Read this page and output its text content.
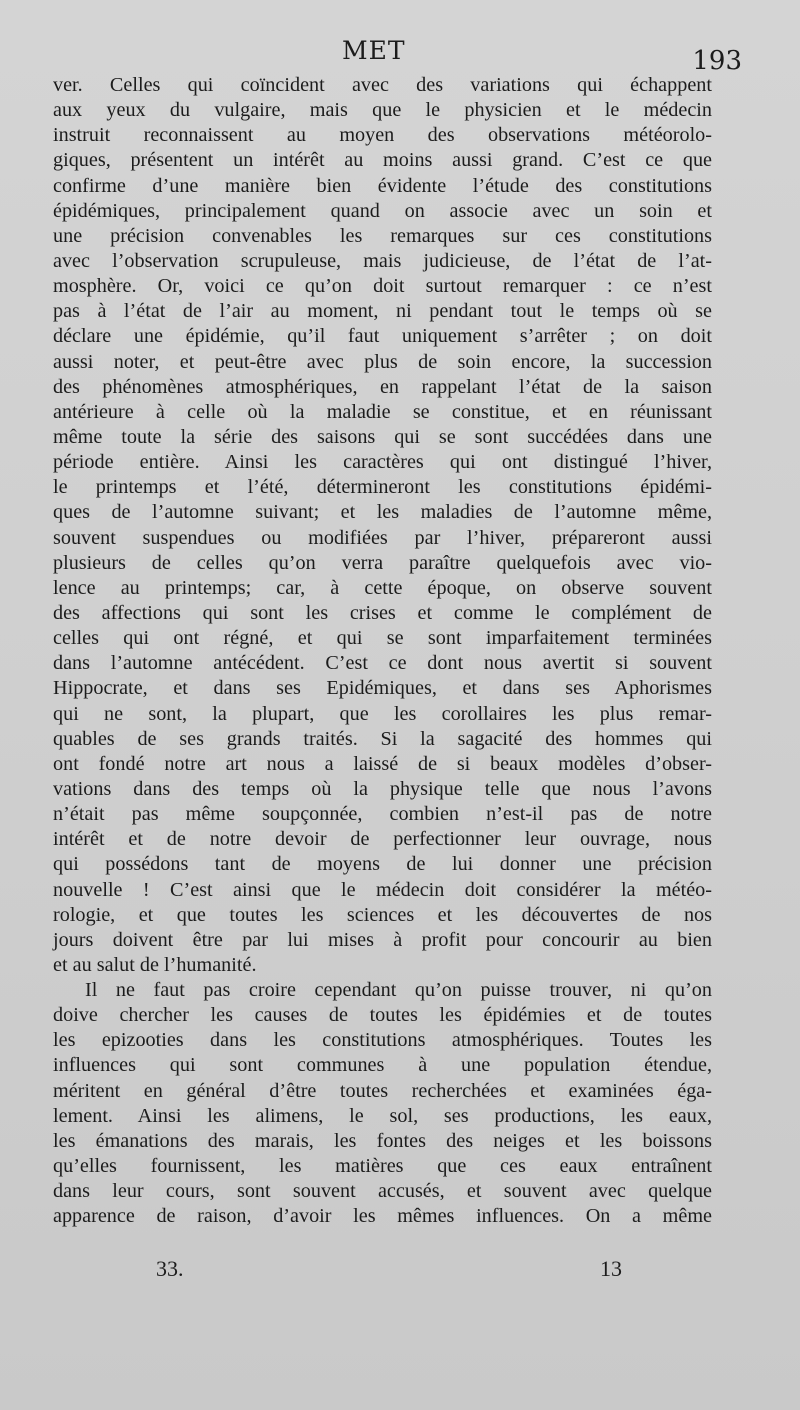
MET	193
ver. Celles qui coïncident avec des variations qui échappent
aux yeux du vulgaire, mais que le physicien et le médecin
instruit reconnaissent au moyen des observations météorolo-
giques, présentent un intérêt au moins aussi grand. C’est ce que
confirme d’une manière bien évidente l’étude des constitutions
épidémiques, principalement quand on associe avec un soin et
une précision convenables les remarques sur ces constitutions
avec l’observation scrupuleuse, mais judicieuse, de l’état de l’at-
mosphère. Or, voici ce qu’on doit surtout remarquer : ce n’est
pas à l’état de l’air au moment, ni pendant tout le temps où se
déclare une épidémie, qu’il faut uniquement s’arrêter ; on doit
aussi noter, et peut-être avec plus de soin encore, la succession
des phénomènes atmosphériques, en rappelant l’état de la saison
antérieure à celle où la maladie se constitue, et en réunissant
même toute la série des saisons qui se sont succédées dans une
période entière. Ainsi les caractères qui ont distingué l’hiver,
le printemps et l’été, détermineront les constitutions épidémi-
ques de l’automne suivant; et les maladies de l’automne même,
souvent suspendues ou modifiées par l’hiver, prépareront aussi
plusieurs de celles qu’on verra paraître quelquefois avec vio-
lence au printemps; car, à cette époque, on observe souvent
des affections qui sont les crises et comme le complément de
celles qui ont régné, et qui se sont imparfaitement terminées
dans l’automne antécédent. C’est ce dont nous avertit si souvent
Hippocrate, et dans ses Epidémiques, et dans ses Aphorismes
qui ne sont, la plupart, que les corollaires les plus remar-
quables de ses grands traités. Si la sagacité des hommes qui
ont fondé notre art nous a laissé de si beaux modèles d’obser-
vations dans des temps où la physique telle que nous l’avons
n’était pas même soupçonnée, combien n’est-il pas de notre
intérêt et de notre devoir de perfectionner leur ouvrage, nous
qui possédons tant de moyens de lui donner une précision
nouvelle ! C’est ainsi que le médecin doit considérer la météo-
rologie, et que toutes les sciences et les découvertes de nos
jours doivent être par lui mises à profit pour concourir au bien
et au salut de l’humanité.
Il ne faut pas croire cependant qu’on puisse trouver, ni qu’on
doive chercher les causes de toutes les épidémies et de toutes
les epizooties dans les constitutions atmosphériques. Toutes les
influences qui sont communes à une population étendue,
méritent en général d’être toutes recherchées et examinées éga-
lement. Ainsi les alimens, le sol, ses productions, les eaux,
les émanations des marais, les fontes des neiges et les boissons
qu’elles fournissent, les matières que ces eaux entraînent
dans leur cours, sont souvent accusés, et souvent avec quelque
apparence de raison, d’avoir les mêmes influences. On a même
33.	13
